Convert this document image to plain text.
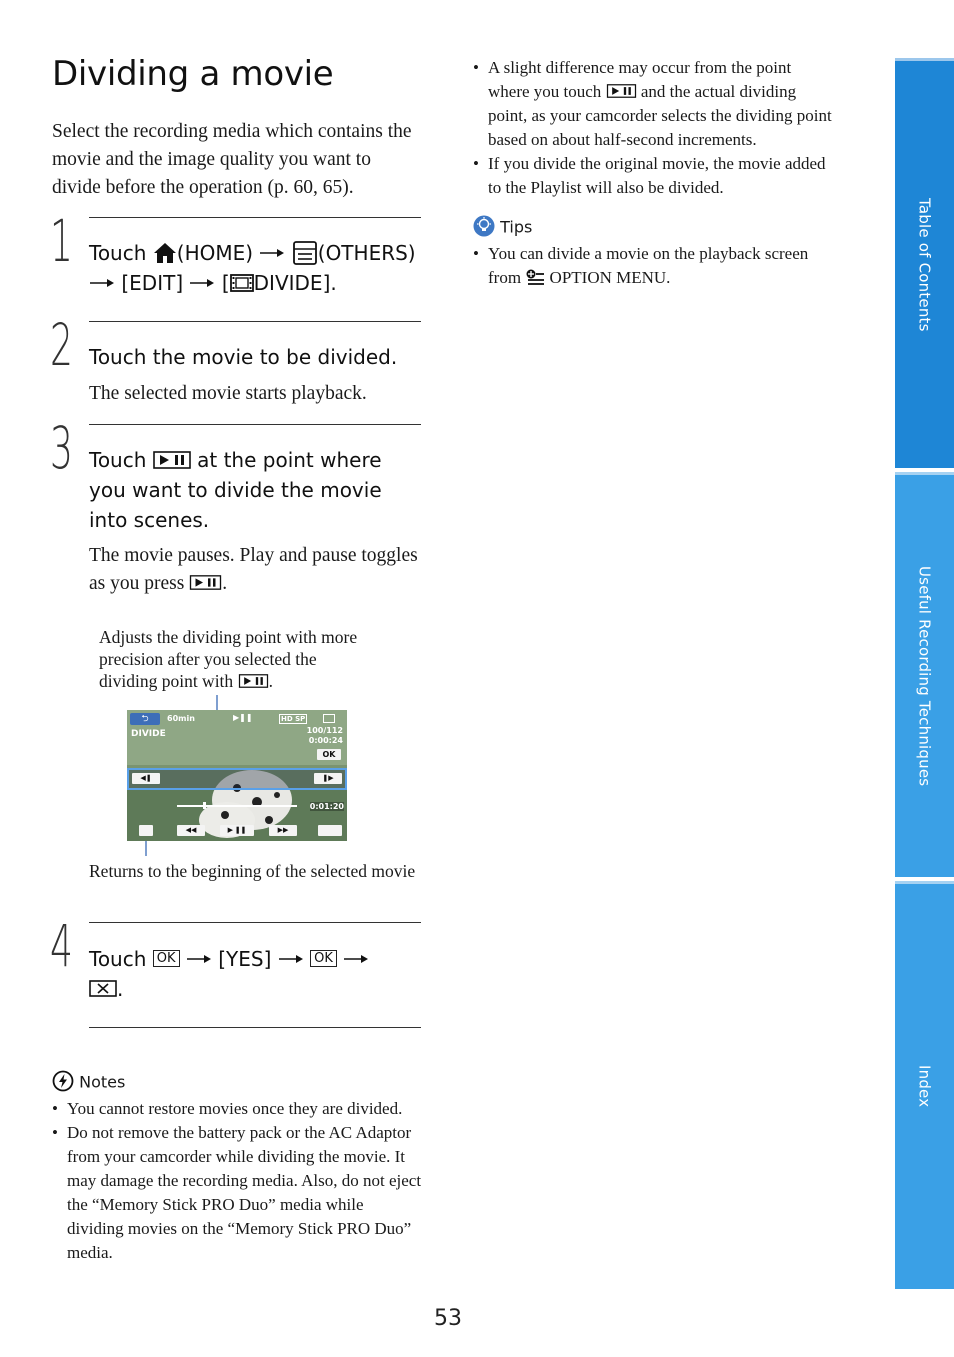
Dividing a movie

Select the recording media which contains the movie and the image quality you want to divide before the operation (p. 60, 65).

1 Touch (HOME)	(OTHERS)
[EDIT] [ DIVIDE].
2 Touch the movie to be divided.
The selected movie starts playback.
3 Touch	at the point where you want to divide the movie into scenes.
The movie pauses. Play and pause toggles as you press .
Adjusts the dividing point with more precision after you selected the dividing point with .
⮌	60min	▶❚❚	HD SP
DIVIDE	100/112
0:00:24
OK
◀❚	❚▶
0:01:20
◀◀	▶ ❚❚	▶▶
Returns to the beginning of the selected movie
4 Touch OK [YES]	OK
.
Notes
• You cannot restore movies once they are divided.
• Do not remove the battery pack or the AC Adaptor from your camcorder while dividing the movie. It may damage the recording media. Also, do not eject the “Memory Stick PRO Duo” media while dividing movies on the “Memory Stick PRO Duo” media.
• A slight difference may occur from the point where you touch and the actual dividing point, as your camcorder selects the dividing point based on about half-second increments.
• If you divide the original movie, the movie added to the Playlist will also be divided.
Tips
• You can divide a movie on the playback screen from OPTION MENU.	Table of Contents
Useful Recording Techniques
Index
53
